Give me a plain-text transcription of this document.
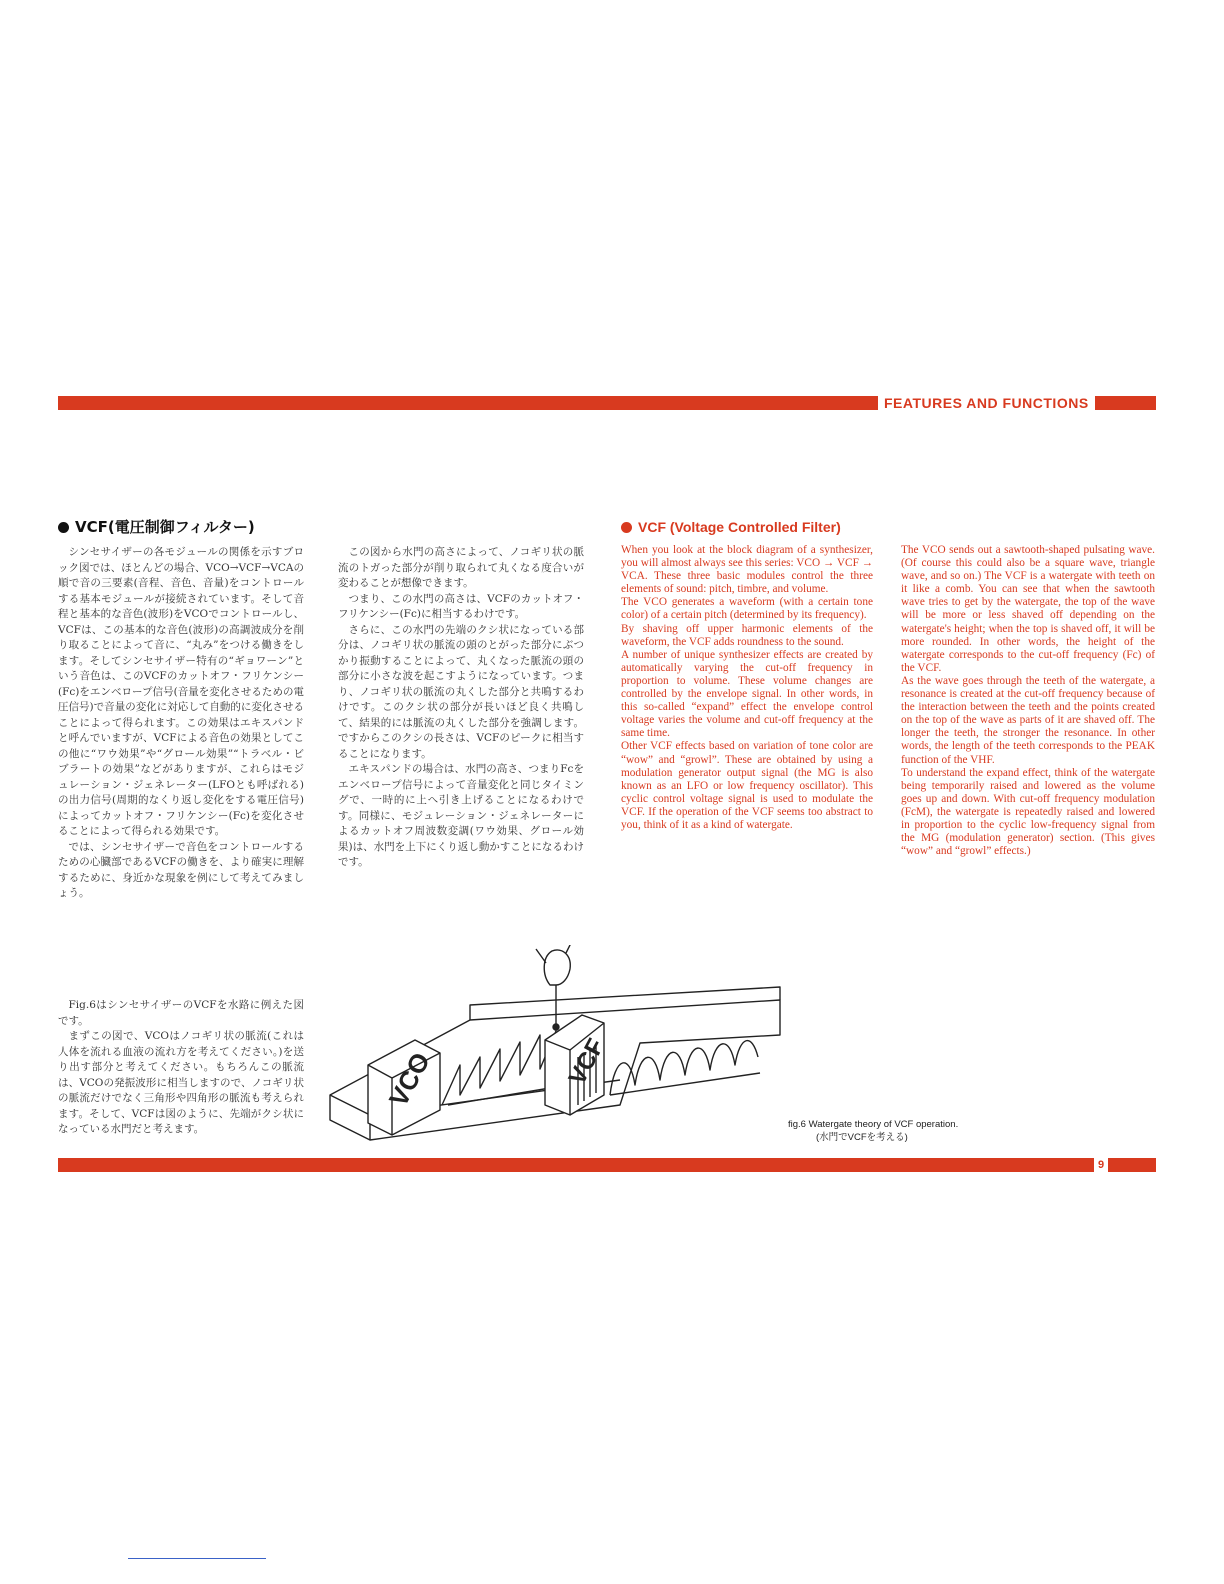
FEATURES AND FUNCTIONS
9
VCF(電圧制御フィルター)

シンセサイザーの各モジュールの関係を示すブロック図では、ほとんどの場合、VCO→VCF→VCAの順で音の三要素(音程、音色、音量)をコントロールする基本モジュールが接続されています。そして音程と基本的な音色(波形)をVCOでコントロールし、VCFは、この基本的な音色(波形)の高調波成分を削り取ることによって音に、“丸み”をつける働きをします。そしてシンセサイザー特有の“ギョワーン”という音色は、このVCFのカットオフ・フリケンシー(Fc)をエンベロープ信号(音量を変化させるための電圧信号)で音量の変化に対応して自動的に変化させることによって得られます。この効果はエキスパンドと呼んでいますが、VCFによる音色の効果としてこの他に“ワウ効果”や“グロール効果”“トラベル・ビブラートの効果”などがありますが、これらはモジュレーション・ジェネレーター(LFOとも呼ばれる)の出力信号(周期的なくり返し変化をする電圧信号)によってカットオフ・フリケンシー(Fc)を変化させることによって得られる効果です。

では、シンセサイザーで音色をコントロールするための心臓部であるVCFの働きを、より確実に理解するために、身近かな現象を例にして考えてみましょう。

Fig.6はシンセサイザーのVCFを水路に例えた図です。

まずこの図で、VCOはノコギリ状の脈流(これは人体を流れる血液の流れ方を考えてください。)を送り出す部分と考えてください。もちろんこの脈流は、VCOの発振波形に相当しますので、ノコギリ状の脈流だけでなく三角形や四角形の脈流も考えられます。そして、VCFは図のように、先端がクシ状になっている水門だと考えます。

この図から水門の高さによって、ノコギリ状の脈流のトガった部分が削り取られて丸くなる度合いが変わることが想像できます。

つまり、この水門の高さは、VCFのカットオフ・フリケンシー(Fc)に相当するわけです。

さらに、この水門の先端のクシ状になっている部分は、ノコギリ状の脈流の頭のとがった部分にぶつかり振動することによって、丸くなった脈流の頭の部分に小さな波を起こすようになっています。つまり、ノコギリ状の脈流の丸くした部分と共鳴するわけです。このクシ状の部分が長いほど良く共鳴して、結果的には脈流の丸くした部分を強調します。ですからこのクシの長さは、VCFのピークに相当することになります。

エキスパンドの場合は、水門の高さ、つまりFcをエンベロープ信号によって音量変化と同じタイミングで、一時的に上へ引き上げることになるわけです。同様に、モジュレーション・ジェネレーターによるカットオフ周波数変調(ワウ効果、グロール効果)は、水門を上下にくり返し動かすことになるわけです。

VCF (Voltage Controlled Filter)

When you look at the block diagram of a synthesizer, you will almost always see this series: VCO → VCF → VCA. These three basic modules control the three elements of sound: pitch, timbre, and volume.

The VCO generates a waveform (with a certain tone color) of a certain pitch (determined by its frequency).

By shaving off upper harmonic elements of the waveform, the VCF adds roundness to the sound.

A number of unique synthesizer effects are created by automatically varying the cut-off frequency in proportion to volume. These volume changes are controlled by the envelope signal. In other words, in this so-called “expand” effect the envelope control voltage varies the volume and cut-off frequency at the same time.

Other VCF effects based on variation of tone color are “wow” and “growl”. These are obtained by using a modulation generator output signal (the MG is also known as an LFO or low frequency oscillator). This cyclic control voltage signal is used to modulate the VCF. If the operation of the VCF seems too abstract to you, think of it as a kind of watergate.

The VCO sends out a sawtooth-shaped pulsating wave. (Of course this could also be a square wave, triangle wave, and so on.) The VCF is a watergate with teeth on it like a comb. You can see that when the sawtooth wave tries to get by the watergate, the top of the wave will be more or less shaved off depending on the watergate's height; when the top is shaved off, it will be more rounded. In other words, the height of the watergate corresponds to the cut-off frequency (Fc) of the VCF.

As the wave goes through the teeth of the watergate, a resonance is created at the cut-off frequency because of the interaction between the teeth and the points created on the top of the wave as parts of it are shaved off. The longer the teeth, the stronger the resonance. In other words, the length of the teeth corresponds to the PEAK function of the VHF.

To understand the expand effect, think of the watergate being temporarily raised and lowered as the volume goes up and down. With cut-off frequency modulation (FcM), the watergate is repeatedly raised and lowered in proportion to the cyclic low-frequency signal from the MG (modulation generator) section. (This gives “wow” and “growl” effects.)

VCO	VCF
fig.6 Watergate theory of VCF operation.
(水門でVCFを考える)
